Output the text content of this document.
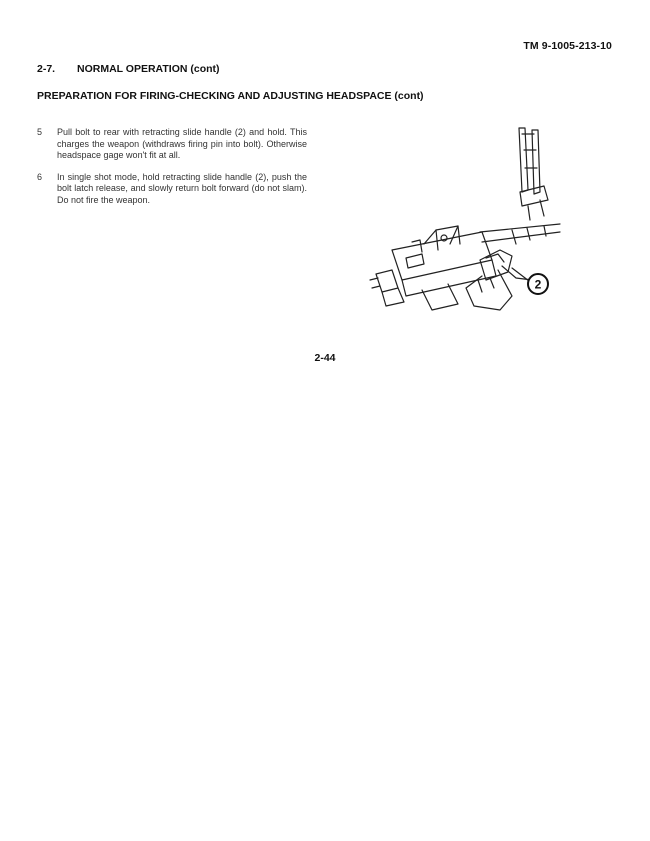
TM 9-1005-213-10
2-7. NORMAL OPERATION (cont)
PREPARATION FOR FIRING-CHECKING AND ADJUSTING HEADSPACE (cont)
5	Pull bolt to rear with retracting slide handle (2) and hold. This charges the weapon (withdraws firing pin into bolt). Otherwise headspace gage won't fit at all.
6	In single shot mode, hold retracting slide handle (2), push the bolt latch release, and slowly return bolt forward (do not slam). Do not fire the weapon.
2
2-44
